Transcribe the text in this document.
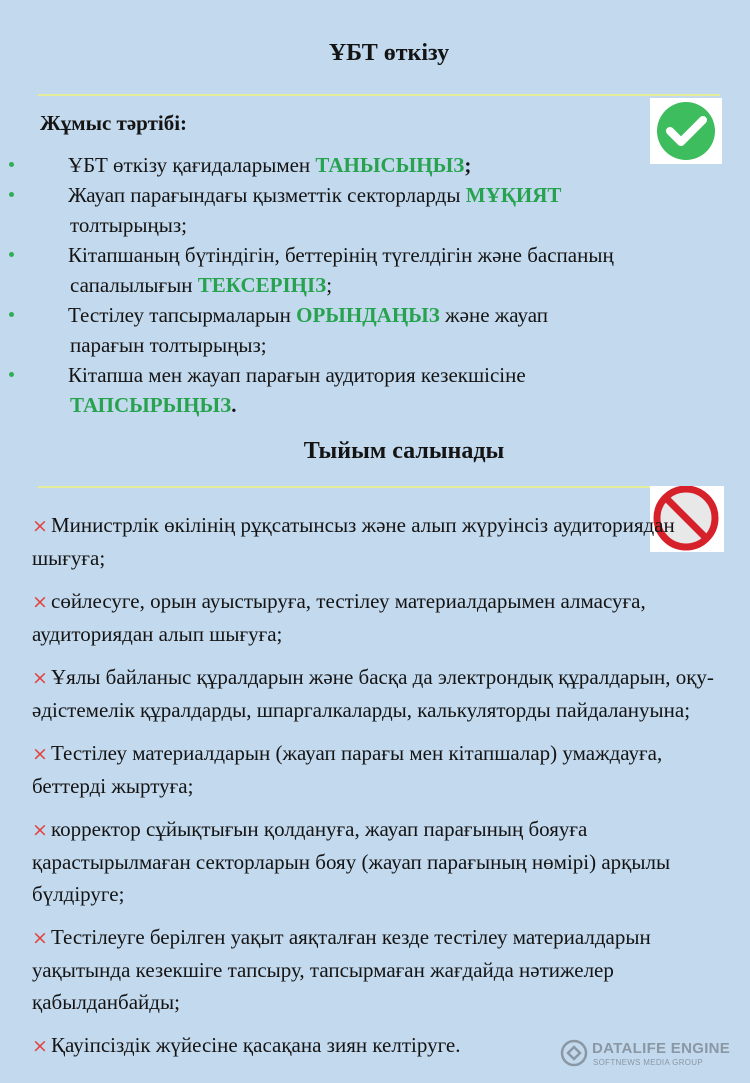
ҰБТ өткізу
Жұмыс тәртібі:
ҰБТ өткізу қағидаларымен ТАНЫСЫҢЫЗ;
Жауап парағындағы қызметтік секторларды МҰҚИЯТ
толтырыңыз;
Кітапшаның бүтіндігін, беттерінің түгелдігін және баспаның
сапалылығын ТЕКСЕРІҢІЗ;
Тестілеу тапсырмаларын ОРЫНДАҢЫЗ және жауап
парағын толтырыңыз;
Кітапша мен жауап парағын аудитория кезекшісіне
ТАПСЫРЫҢЫЗ.
Тыйым салынады
× Министрлік өкілінің рұқсатынсыз және алып жүруінсіз аудиториядан шығуға;
× сөйлесуге, орын ауыстыруға, тестілеу материалдарымен алмасуға, аудиториядан алып шығуға;
× Ұялы байланыс құралдарын және басқа да электрондық құралдарын, оқу-әдістемелік құралдарды, шпаргалкаларды, калькуляторды пайдалануына;
× Тестілеу материалдарын (жауап парағы мен кітапшалар) умаждауға, беттерді жыртуға;
× корректор сұйықтығын қолдануға, жауап парағының бояуға қарастырылмаған секторларын бояу (жауап парағының нөмірі) арқылы бүлдіруге;
× Тестілеуге берілген уақыт аяқталған кезде тестілеу материалдарын уақытында кезекшіге тапсыру, тапсырмаған жағдайда нәтижелер қабылданбайды;
× Қауіпсіздік жүйесіне қасақана зиян келтіруге.	DATALIFE ENGINE
SOFTNEWS MEDIA GROUP
